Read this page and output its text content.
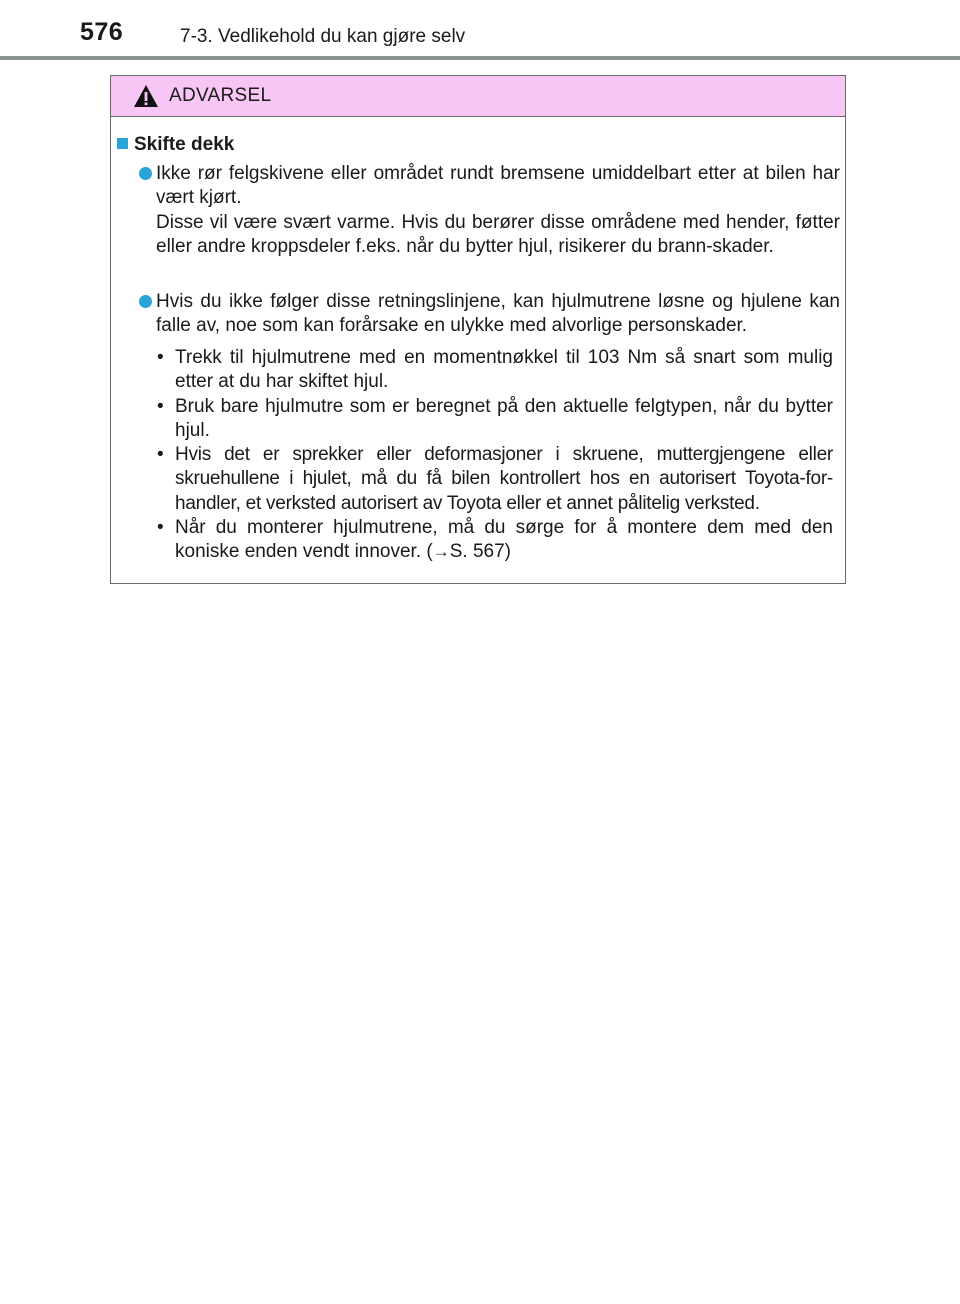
576	7-3. Vedlikehold du kan gjøre selv
ADVARSEL
Skifte dekk

Ikke rør felgskivene eller området rundt bremsene umiddelbart etter at bilen har vært kjørt.

Disse vil være svært varme. Hvis du berører disse områdene med hender, føtter eller andre kroppsdeler f.eks. når du bytter hjul, risikerer du brann-skader.

Hvis du ikke følger disse retningslinjene, kan hjulmutrene løsne og hjulene kan falle av, noe som kan forårsake en ulykke med alvorlige personskader.

• Trekk til hjulmutrene med en momentnøkkel til 103 Nm så snart som mulig etter at du har skiftet hjul.
• Bruk bare hjulmutre som er beregnet på den aktuelle felgtypen, når du bytter hjul.
• Hvis det er sprekker eller deformasjoner i skruene, muttergjengene eller skruehullene i hjulet, må du få bilen kontrollert hos en autorisert Toyota-for-handler, et verksted autorisert av Toyota eller et annet pålitelig verksted.
• Når du monterer hjulmutrene, må du sørge for å montere dem med den koniske enden vendt innover. (→S. 567)
